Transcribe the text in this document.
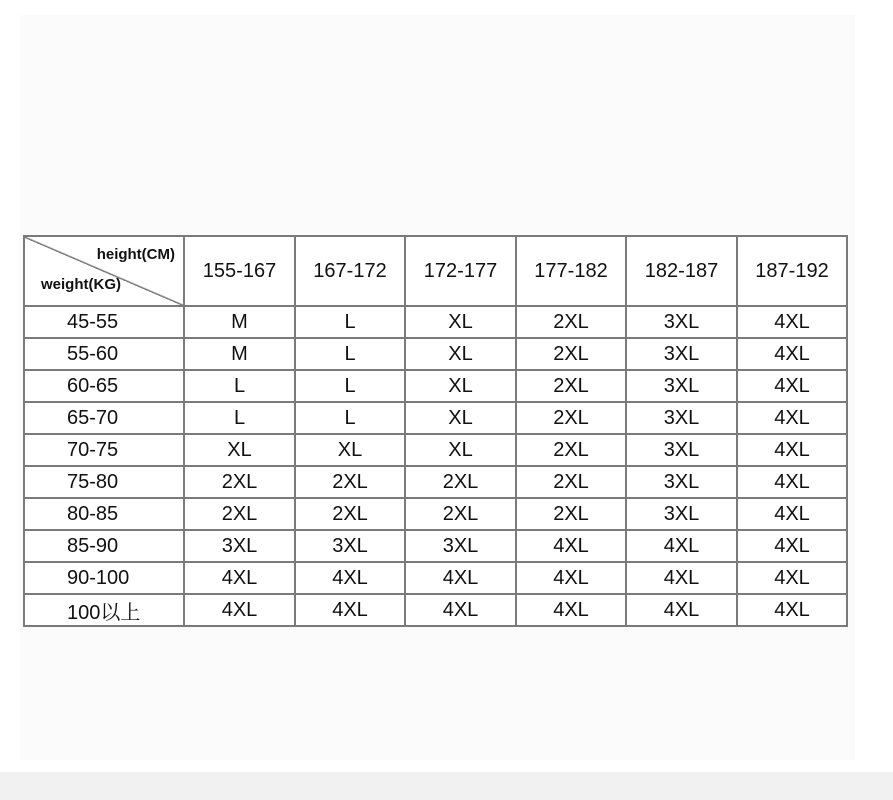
height(CM)
weight(KG)	155-167	167-172	172-177	177-182	182-187	187-192
45-55	M	L	XL	2XL	3XL	4XL
55-60	M	L	XL	2XL	3XL	4XL
60-65	L	L	XL	2XL	3XL	4XL
65-70	L	L	XL	2XL	3XL	4XL
70-75	XL	XL	XL	2XL	3XL	4XL
75-80	2XL	2XL	2XL	2XL	3XL	4XL
80-85	2XL	2XL	2XL	2XL	3XL	4XL
85-90	3XL	3XL	3XL	4XL	4XL	4XL
90-100	4XL	4XL	4XL	4XL	4XL	4XL
100以上	4XL	4XL	4XL	4XL	4XL	4XL
